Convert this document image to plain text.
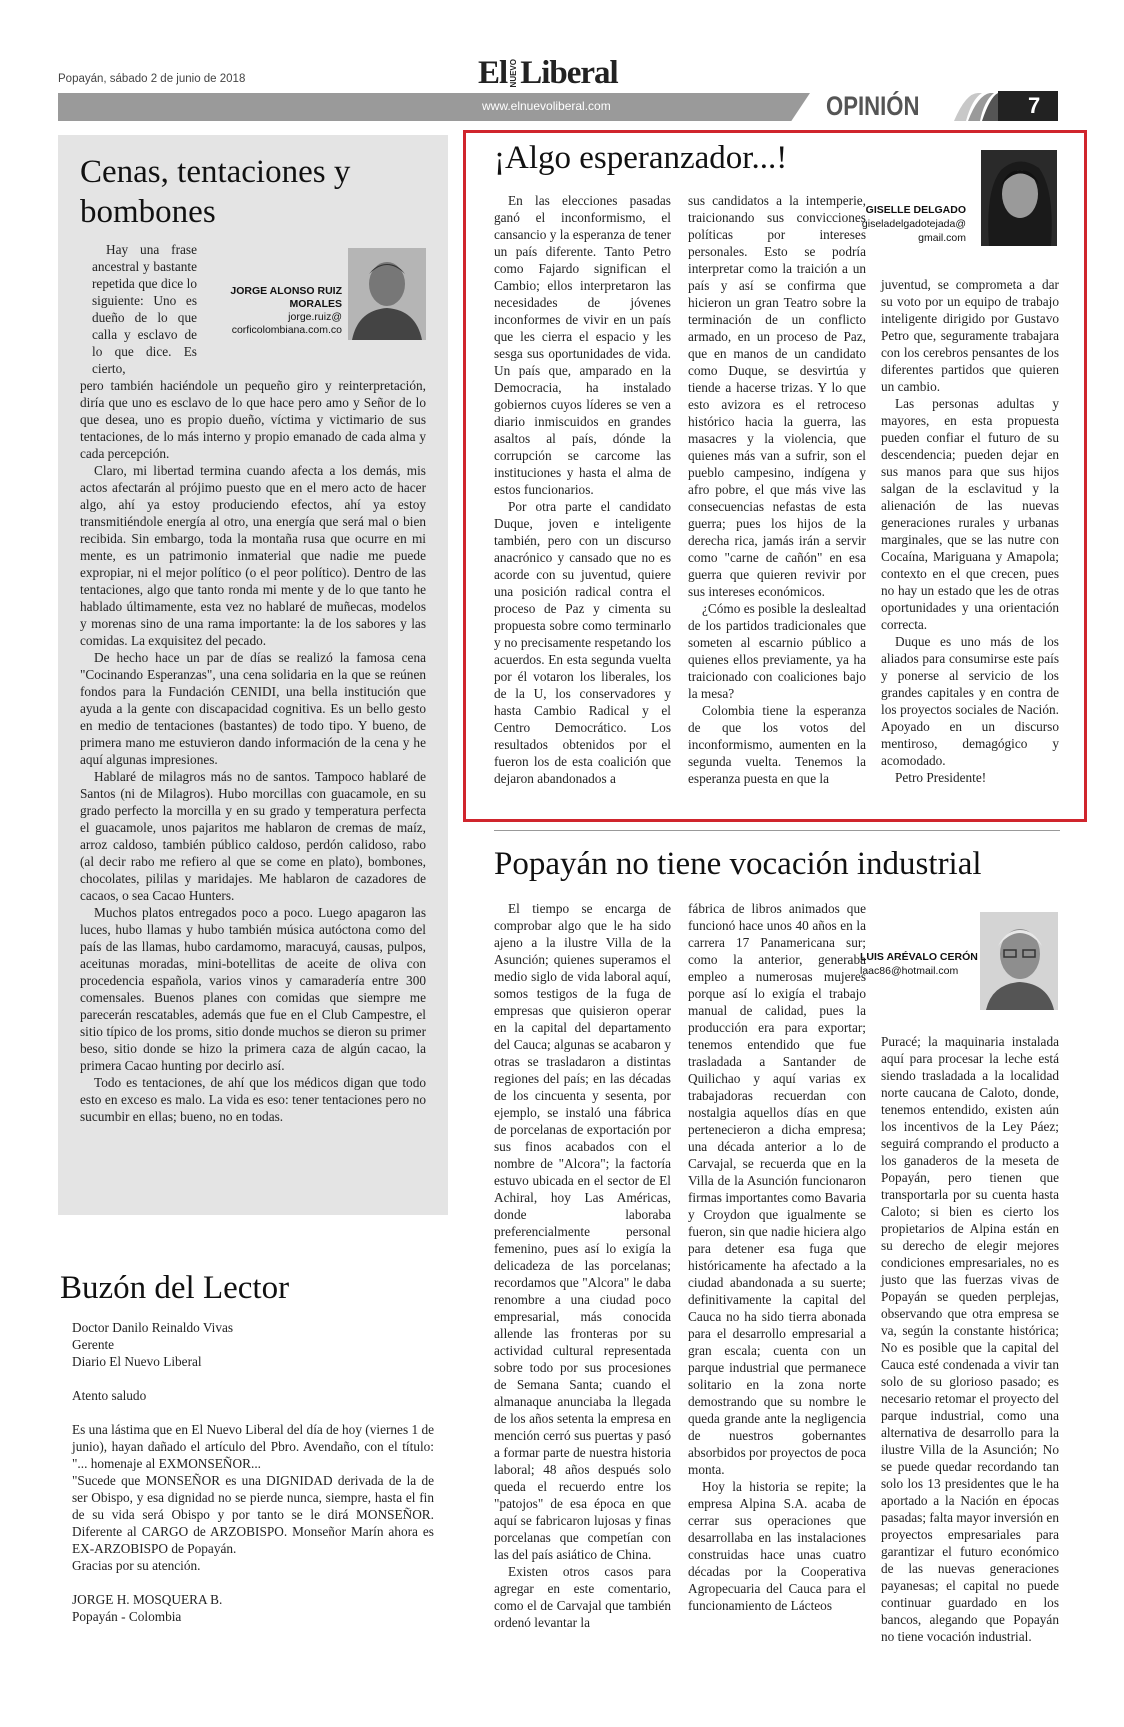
Popayán, sábado 2 de junio de 2018	El NUEVO Liberal
www.elnuevoliberal.com	OPINIÓN	7
Cenas, tentaciones y bombones
JORGE ALONSO RUIZ MORALES
jorge.ruiz@ corficolombiana.com.co

Hay una frase ancestral y bastante repetida que dice lo siguiente: Uno es dueño de lo que calla y esclavo de lo que dice. Es cierto,

pero también haciéndole un pequeño giro y reinterpretación, diría que uno es esclavo de lo que hace pero amo y Señor de lo que desea, uno es propio dueño, víctima y victimario de sus tentaciones, de lo más interno y propio emanado de cada alma y cada percepción.

Claro, mi libertad termina cuando afecta a los demás, mis actos afectarán al prójimo puesto que en el mero acto de hacer algo, ahí ya estoy produciendo efectos, ahí ya estoy transmitiéndole energía al otro, una energía que será mal o bien recibida. Sin embargo, toda la montaña rusa que ocurre en mi mente, es un patrimonio inmaterial que nadie me puede expropiar, ni el mejor político (o el peor político). Dentro de las tentaciones, algo que tanto ronda mi mente y de lo que tanto he hablado últimamente, esta vez no hablaré de muñecas, modelos y morenas sino de una rama importante: la de los sabores y las comidas. La exquisitez del pecado.

De hecho hace un par de días se realizó la famosa cena "Cocinando Esperanzas", una cena solidaria en la que se reúnen fondos para la Fundación CENIDI, una bella institución que ayuda a la gente con discapacidad cognitiva. Es un bello gesto en medio de tentaciones (bastantes) de todo tipo. Y bueno, de primera mano me estuvieron dando información de la cena y he aquí algunas impresiones.

Hablaré de milagros más no de santos. Tampoco hablaré de Santos (ni de Milagros). Hubo morcillas con guacamole, en su grado perfecto la morcilla y en su grado y temperatura perfecta el guacamole, unos pajaritos me hablaron de cremas de maíz, arroz caldoso, también público caldoso, perdón calidoso, rabo (al decir rabo me refiero al que se come en plato), bombones, chocolates, pililas y maridajes. Me hablaron de cazadores de cacaos, o sea Cacao Hunters.

Muchos platos entregados poco a poco. Luego apagaron las luces, hubo llamas y hubo también música autóctona como del país de las llamas, hubo cardamomo, maracuyá, causas, pulpos, aceitunas moradas, mini-botellitas de aceite de oliva con procedencia española, varios vinos y camaradería entre 300 comensales. Buenos planes con comidas que siempre me parecerán rescatables, además que fue en el Club Campestre, el sitio típico de los proms, sitio donde muchos se dieron su primer beso, sitio donde se hizo la primera caza de algún cacao, la primera Cacao hunting por decirlo así.

Todo es tentaciones, de ahí que los médicos digan que todo esto en exceso es malo. La vida es eso: tener tentaciones pero no sucumbir en ellas; bueno, no en todas.

Buzón del Lector

Doctor Danilo Reinaldo Vivas

Gerente

Diario El Nuevo Liberal

Atento saludo

Es una lástima que en El Nuevo Liberal del día de hoy (viernes 1 de junio), hayan dañado el artículo del Pbro. Avendaño, con el título: "... homenaje al EXMONSEÑOR...

"Sucede que MONSEÑOR es una DIGNIDAD derivada de la de ser Obispo, y esa dignidad no se pierde nunca, siempre, hasta el fin de su vida será Obispo y por tanto se le dirá MONSEÑOR. Diferente al CARGO de ARZOBISPO. Monseñor Marín ahora es EX-ARZOBISPO de Popayán.

Gracias por su atención.

JORGE H. MOSQUERA B.

Popayán - Colombia

¡Algo esperanzador...!
GISELLE DELGADO
giseladelgadotejada@ gmail.com

En las elecciones pasadas ganó el inconformismo, el cansancio y la esperanza de tener un país diferente. Tanto Petro como Fajardo significan el Cambio; ellos interpretaron las necesidades de jóvenes inconformes de vivir en un país que les cierra el espacio y les sesga sus oportunidades de vida. Un país que, amparado en la Democracia, ha instalado gobiernos cuyos líderes se ven a diario inmiscuidos en grandes asaltos al país, dónde la corrupción se carcome las instituciones y hasta el alma de estos funcionarios.

Por otra parte el candidato Duque, joven e inteligente también, pero con un discurso anacrónico y cansado que no es acorde con su juventud, quiere una posición radical contra el proceso de Paz y cimenta su propuesta sobre como terminarlo y no precisamente respetando los acuerdos. En esta segunda vuelta por él votaron los liberales, los de la U, los conservadores y hasta Cambio Radical y el Centro Democrático. Los resultados obtenidos por el fueron los de esta coalición que dejaron abandonados a

sus candidatos a la intemperie, traicionando sus convicciones políticas por intereses personales. Esto se podría interpretar como la traición a un país y así se confirma que hicieron un gran Teatro sobre la terminación de un conflicto armado, en un proceso de Paz, que en manos de un candidato como Duque, se desvirtúa y tiende a hacerse trizas. Y lo que esto avizora es el retroceso histórico hacia la guerra, las masacres y la violencia, que quienes más van a sufrir, son el pueblo campesino, indígena y afro pobre, el que más vive las consecuencias nefastas de esta guerra; pues los hijos de la derecha rica, jamás irán a servir como "carne de cañón" en esa guerra que quieren revivir por sus intereses económicos.

¿Cómo es posible la deslealtad de los partidos tradicionales que someten al escarnio público a quienes ellos previamente, ya ha traicionado con coaliciones bajo la mesa?

Colombia tiene la esperanza de que los votos del inconformismo, aumenten en la segunda vuelta. Tenemos la esperanza puesta en que la

juventud, se comprometa a dar su voto por un equipo de trabajo inteligente dirigido por Gustavo Petro que, seguramente trabajara con los cerebros pensantes de los diferentes partidos que quieren un cambio.

Las personas adultas y mayores, en esta propuesta pueden confiar el futuro de su descendencia; pueden dejar en sus manos para que sus hijos salgan de la esclavitud y la alienación de las nuevas generaciones rurales y urbanas marginales, que se las nutre con Cocaína, Mariguana y Amapola; contexto en el que crecen, pues no hay un estado que les de otras oportunidades y una orientación correcta.

Duque es uno más de los aliados para consumirse este país y ponerse al servicio de los grandes capitales y en contra de los proyectos sociales de Nación. Apoyado en un discurso mentiroso, demagógico y acomodado.

Petro Presidente!

Popayán no tiene vocación industrial
LUIS ARÉVALO CERÓN
laac86@hotmail.com

El tiempo se encarga de comprobar algo que le ha sido ajeno a la ilustre Villa de la Asunción; quienes superamos el medio siglo de vida laboral aquí, somos testigos de la fuga de empresas que quisieron operar en la capital del departamento del Cauca; algunas se acabaron y otras se trasladaron a distintas regiones del país; en las décadas de los cincuenta y sesenta, por ejemplo, se instaló una fábrica de porcelanas de exportación por sus finos acabados con el nombre de "Alcora"; la factoría estuvo ubicada en el sector de El Achiral, hoy Las Américas, donde laboraba preferencialmente personal femenino, pues así lo exigía la delicadeza de las porcelanas; recordamos que "Alcora" le daba renombre a una ciudad poco empresarial, más conocida allende las fronteras por su actividad cultural representada sobre todo por sus procesiones de Semana Santa; cuando el almanaque anunciaba la llegada de los años setenta la empresa en mención cerró sus puertas y pasó a formar parte de nuestra historia laboral; 48 años después solo queda el recuerdo entre los "patojos" de esa época en que aquí se fabricaron lujosas y finas porcelanas que competían con las del país asiático de China.

Existen otros casos para agregar en este comentario, como el de Carvajal que también ordenó levantar la

fábrica de libros animados que funcionó hace unos 40 años en la carrera 17 Panamericana sur; como la anterior, generaba empleo a numerosas mujeres porque así lo exigía el trabajo manual de calidad, pues la producción era para exportar; tenemos entendido que fue trasladada a Santander de Quilichao y aquí varias ex trabajadoras recuerdan con nostalgia aquellos días en que pertenecieron a dicha empresa; una década anterior a lo de Carvajal, se recuerda que en la Villa de la Asunción funcionaron firmas importantes como Bavaria y Croydon que igualmente se fueron, sin que nadie hiciera algo para detener esa fuga que históricamente ha afectado a la ciudad abandonada a su suerte; definitivamente la capital del Cauca no ha sido tierra abonada para el desarrollo empresarial a gran escala; cuenta con un parque industrial que permanece solitario en la zona norte demostrando que su nombre le queda grande ante la negligencia de nuestros gobernantes absorbidos por proyectos de poca monta.

Hoy la historia se repite; la empresa Alpina S.A. acaba de cerrar sus operaciones que desarrollaba en las instalaciones construidas hace unas cuatro décadas por la Cooperativa Agropecuaria del Cauca para el funcionamiento de Lácteos

Puracé; la maquinaria instalada aquí para procesar la leche está siendo trasladada a la localidad norte caucana de Caloto, donde, tenemos entendido, existen aún los incentivos de la Ley Páez; seguirá comprando el producto a los ganaderos de la meseta de Popayán, pero tienen que transportarla por su cuenta hasta Caloto; si bien es cierto los propietarios de Alpina están en su derecho de elegir mejores condiciones empresariales, no es justo que las fuerzas vivas de Popayán se queden perplejas, observando que otra empresa se va, según la constante histórica; No es posible que la capital del Cauca esté condenada a vivir tan solo de su glorioso pasado; es necesario retomar el proyecto del parque industrial, como una alternativa de desarrollo para la ilustre Villa de la Asunción; No se puede quedar recordando tan solo los 13 presidentes que le ha aportado a la Nación en épocas pasadas; falta mayor inversión en proyectos empresariales para garantizar el futuro económico de las nuevas generaciones payanesas; el capital no puede continuar guardado en los bancos, alegando que Popayán no tiene vocación industrial.
